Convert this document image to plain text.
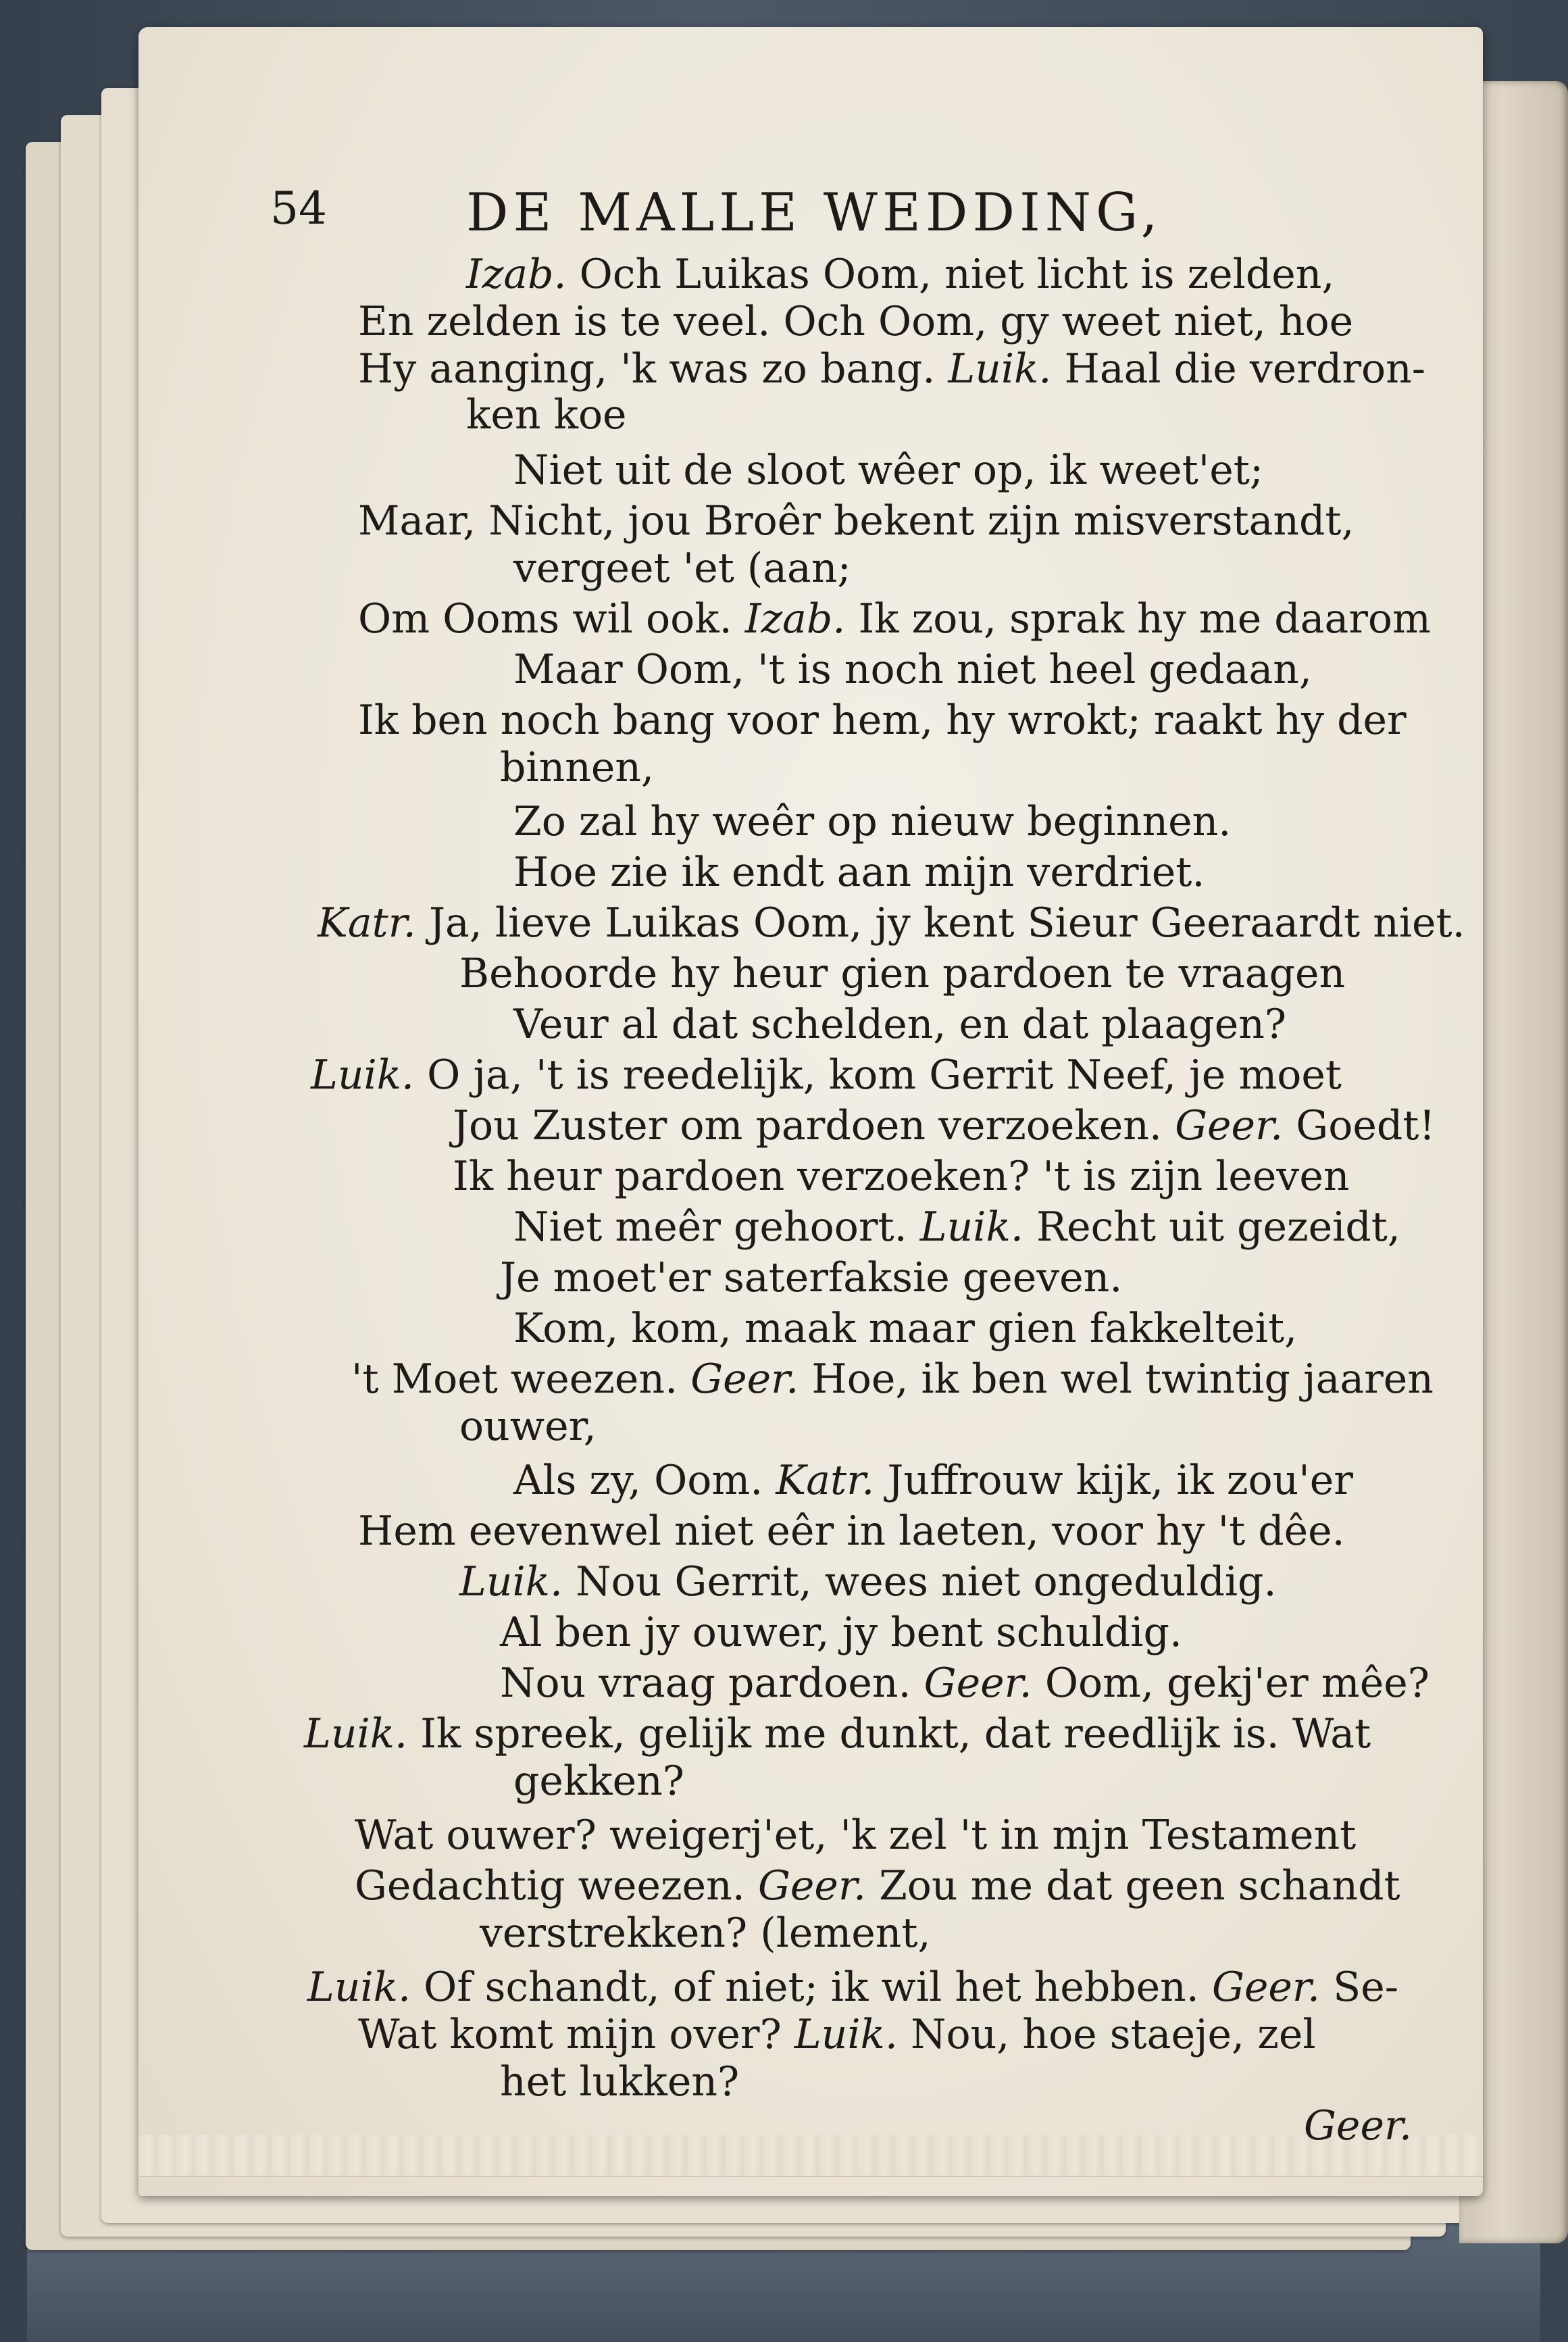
54	DE MALLE WEDDING,
Izab. Och Luikas Oom, niet licht is zelden,
En zelden is te veel. Och Oom, gy weet niet, hoe
Hy aanging, 'k was zo bang. Luik. Haal die verdron-
ken koe
Niet uit de sloot wêer op, ik weet'et;
Maar, Nicht, jou Broêr bekent zijn misverstandt,
vergeet 'et (aan;
Om Ooms wil ook. Izab. Ik zou, sprak hy me daarom
Maar Oom, 't is noch niet heel gedaan,
Ik ben noch bang voor hem, hy wrokt; raakt hy der
binnen,
Zo zal hy weêr op nieuw beginnen.
Hoe zie ik endt aan mijn verdriet.
Katr. Ja, lieve Luikas Oom, jy kent Sieur Geeraardt niet.
Behoorde hy heur gien pardoen te vraagen
Veur al dat schelden, en dat plaagen?
Luik. O ja, 't is reedelijk, kom Gerrit Neef, je moet
Jou Zuster om pardoen verzoeken. Geer. Goedt!
Ik heur pardoen verzoeken? 't is zijn leeven
Niet meêr gehoort. Luik. Recht uit gezeidt,
Je moet'er saterfaksie geeven.
Kom, kom, maak maar gien fakkelteit,
't Moet weezen. Geer. Hoe, ik ben wel twintig jaaren
ouwer,
Als zy, Oom. Katr. Juffrouw kijk, ik zou'er
Hem eevenwel niet eêr in laeten, voor hy 't dêe.
Luik. Nou Gerrit, wees niet ongeduldig.
Al ben jy ouwer, jy bent schuldig.
Nou vraag pardoen. Geer. Oom, gekj'er mêe?
Luik. Ik spreek, gelijk me dunkt, dat reedlijk is. Wat
gekken?
Wat ouwer? weigerj'et, 'k zel 't in mjn Testament
Gedachtig weezen. Geer. Zou me dat geen schandt
verstrekken? (lement,
Luik. Of schandt, of niet; ik wil het hebben. Geer. Se-
Wat komt mijn over? Luik. Nou, hoe staeje, zel
het lukken?
Geer.
